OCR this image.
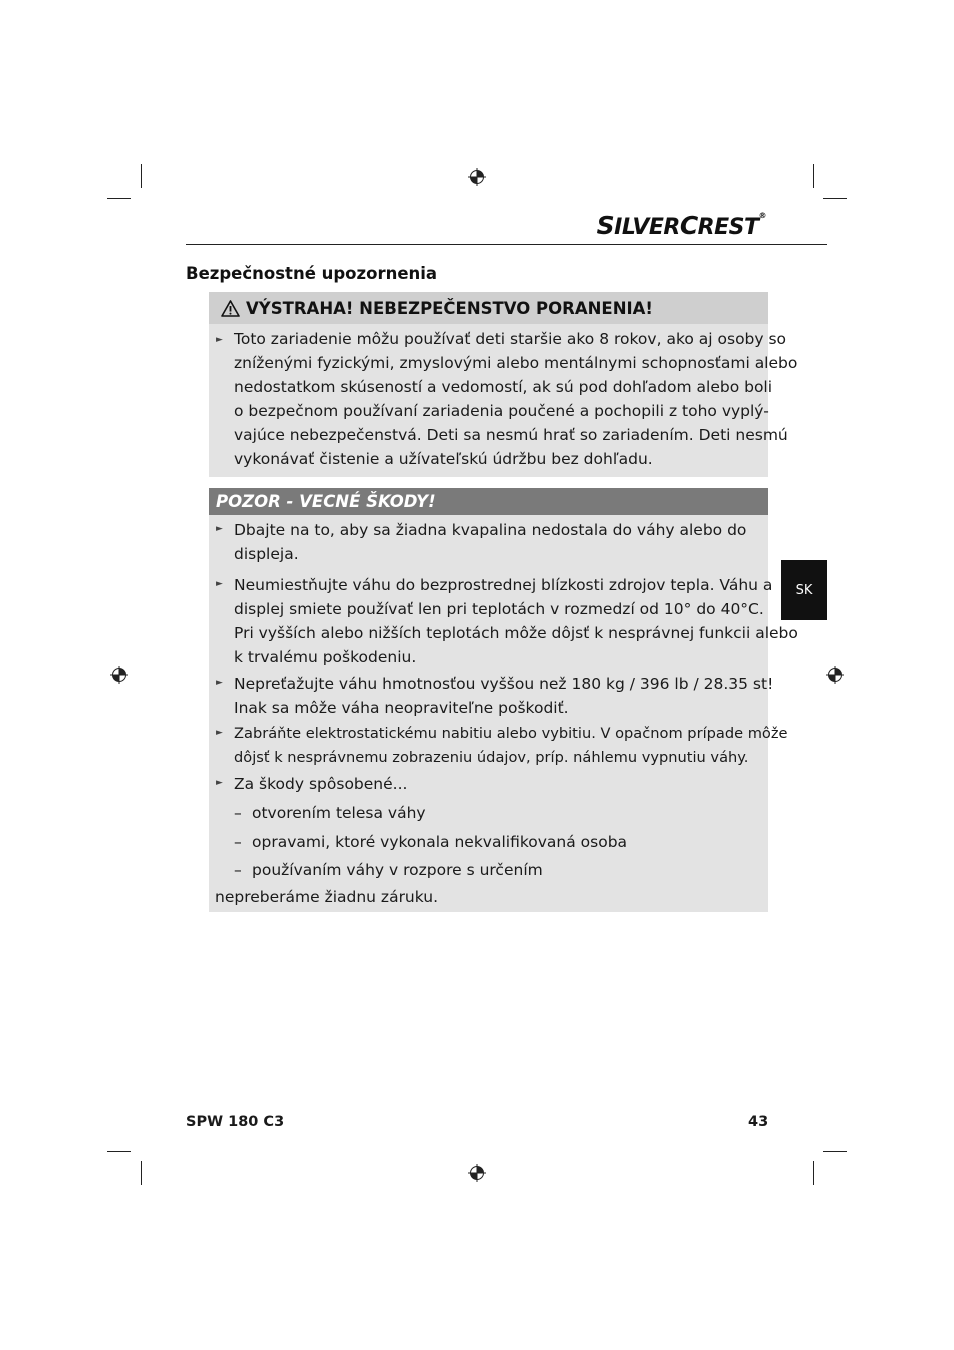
SILVERCREST®
Bezpečnostné upozornenia
VÝSTRAHA! NEBEZPEČENSTVO PORANENIA!
► Toto zariadenie môžu používať deti staršie ako 8 rokov, ako aj osoby so
zníženými fyzickými, zmyslovými alebo mentálnymi schopnosťami alebo
nedostatkom skúseností a vedomostí, ak sú pod dohľadom alebo boli
o bezpečnom používaní zariadenia poučené a pochopili z toho vyplý-
vajúce nebezpečenstvá. Deti sa nesmú hrať so zariadením. Deti nesmú
vykonávať čistenie a užívateľskú údržbu bez dohľadu.
POZOR - VECNÉ ŠKODY!
► Dbajte na to, aby sa žiadna kvapalina nedostala do váhy alebo do
displeja.
► Neumiestňujte váhu do bezprostrednej blízkosti zdrojov tepla. Váhu a
displej smiete používať len pri teplotách v rozmedzí od 10° do 40°C.
Pri vyšších alebo nižších teplotách môže dôjsť k nesprávnej funkcii alebo
k trvalému poškodeniu.
► Nepreťažujte váhu hmotnosťou vyššou než 180 kg / 396 lb / 28.35 st!
Inak sa môže váha neopraviteľne poškodiť.
► Zabráňte elektrostatickému nabitiu alebo vybitiu. V opačnom prípade môže
dôjsť k nesprávnemu zobrazeniu údajov, príp. náhlemu vypnutiu váhy.
► Za škody spôsobené...
– otvorením telesa váhy
– opravami, ktoré vykonala nekvalifikovaná osoba
– používaním váhy v rozpore s určením
nepreberáme žiadnu záruku.
SK
SPW 180 C3	43
